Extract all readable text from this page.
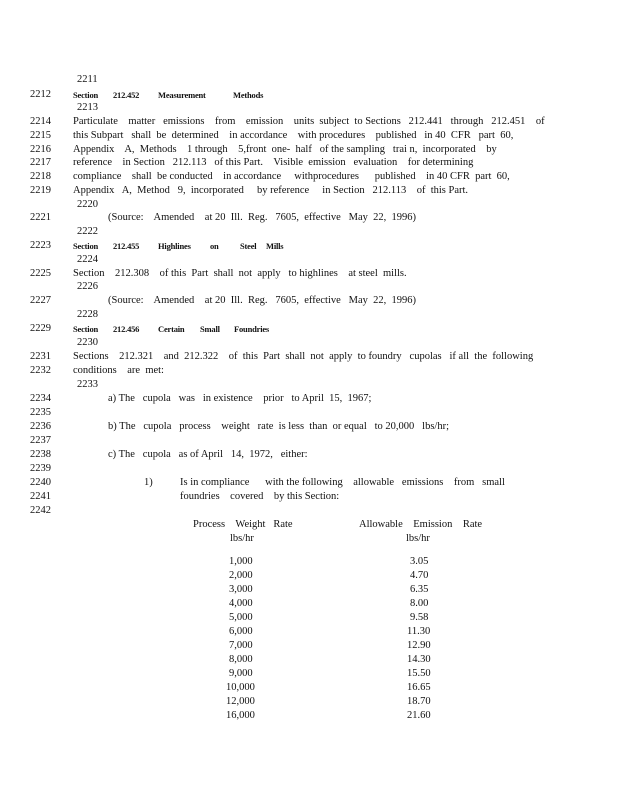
2212
2214
2215
2216
2217
2218
2219
2221
2223
2225
2227
2229
2231
2232
2234
2235
2236
2237
2238
2239
2240
2241
2242
2211
2213
2220
2222
2224
2226
2228
2230
2233
Section 212.452 Measurement	Methods
Particulate    matter   emissions    from    emission    units  subject  to Sections   212.441   through   212.451    of
this Subpart   shall  be  determined    in accordance    with procedures    published   in 40  CFR   part  60,
Appendix    A,  Methods    1 through    5,front  one-  half   of the sampling   trai n,  incorporated    by
reference    in Section   212.113   of this Part.    Visible  emission   evaluation    for determining
compliance    shall  be conducted    in accordance     withprocedures      published    in 40 CFR  part  60,
Appendix   A,  Method   9,  incorporated     by reference     in Section   212.113    of  this Part.
(Source:    Amended    at 20  Ill.  Reg.   7605,  effective   May  22,  1996)
Section 212.455 Highlines on	Steel Mills
Section    212.308    of this  Part  shall  not  apply   to highlines    at steel  mills.
(Source:    Amended    at 20  Ill.  Reg.   7605,  effective   May  22,  1996)
Section 212.456 Certain Small Foundries
Sections    212.321    and  212.322    of  this  Part  shall  not  apply  to foundry   cupolas   if all  the  following
conditions    are  met:
a) The   cupola   was   in existence    prior   to April  15,  1967;
b) The   cupola   process    weight   rate  is less  than  or equal   to 20,000   lbs/hr;
c) The   cupola   as of April   14,  1972,   either:
1)	Is in compliance      with the following    allowable   emissions    from   small
foundries    covered    by this Section:
Process    Weight   Rate
lbs/hr
Allowable    Emission    Rate
lbs/hr
1,000	3.05
2,000	4.70
3,000	6.35
4,000	8.00
5,000	9.58
6,000	11.30
7,000	12.90
8,000	14.30
9,000	15.50
10,000	16.65
12,000	18.70
16,000	21.60
